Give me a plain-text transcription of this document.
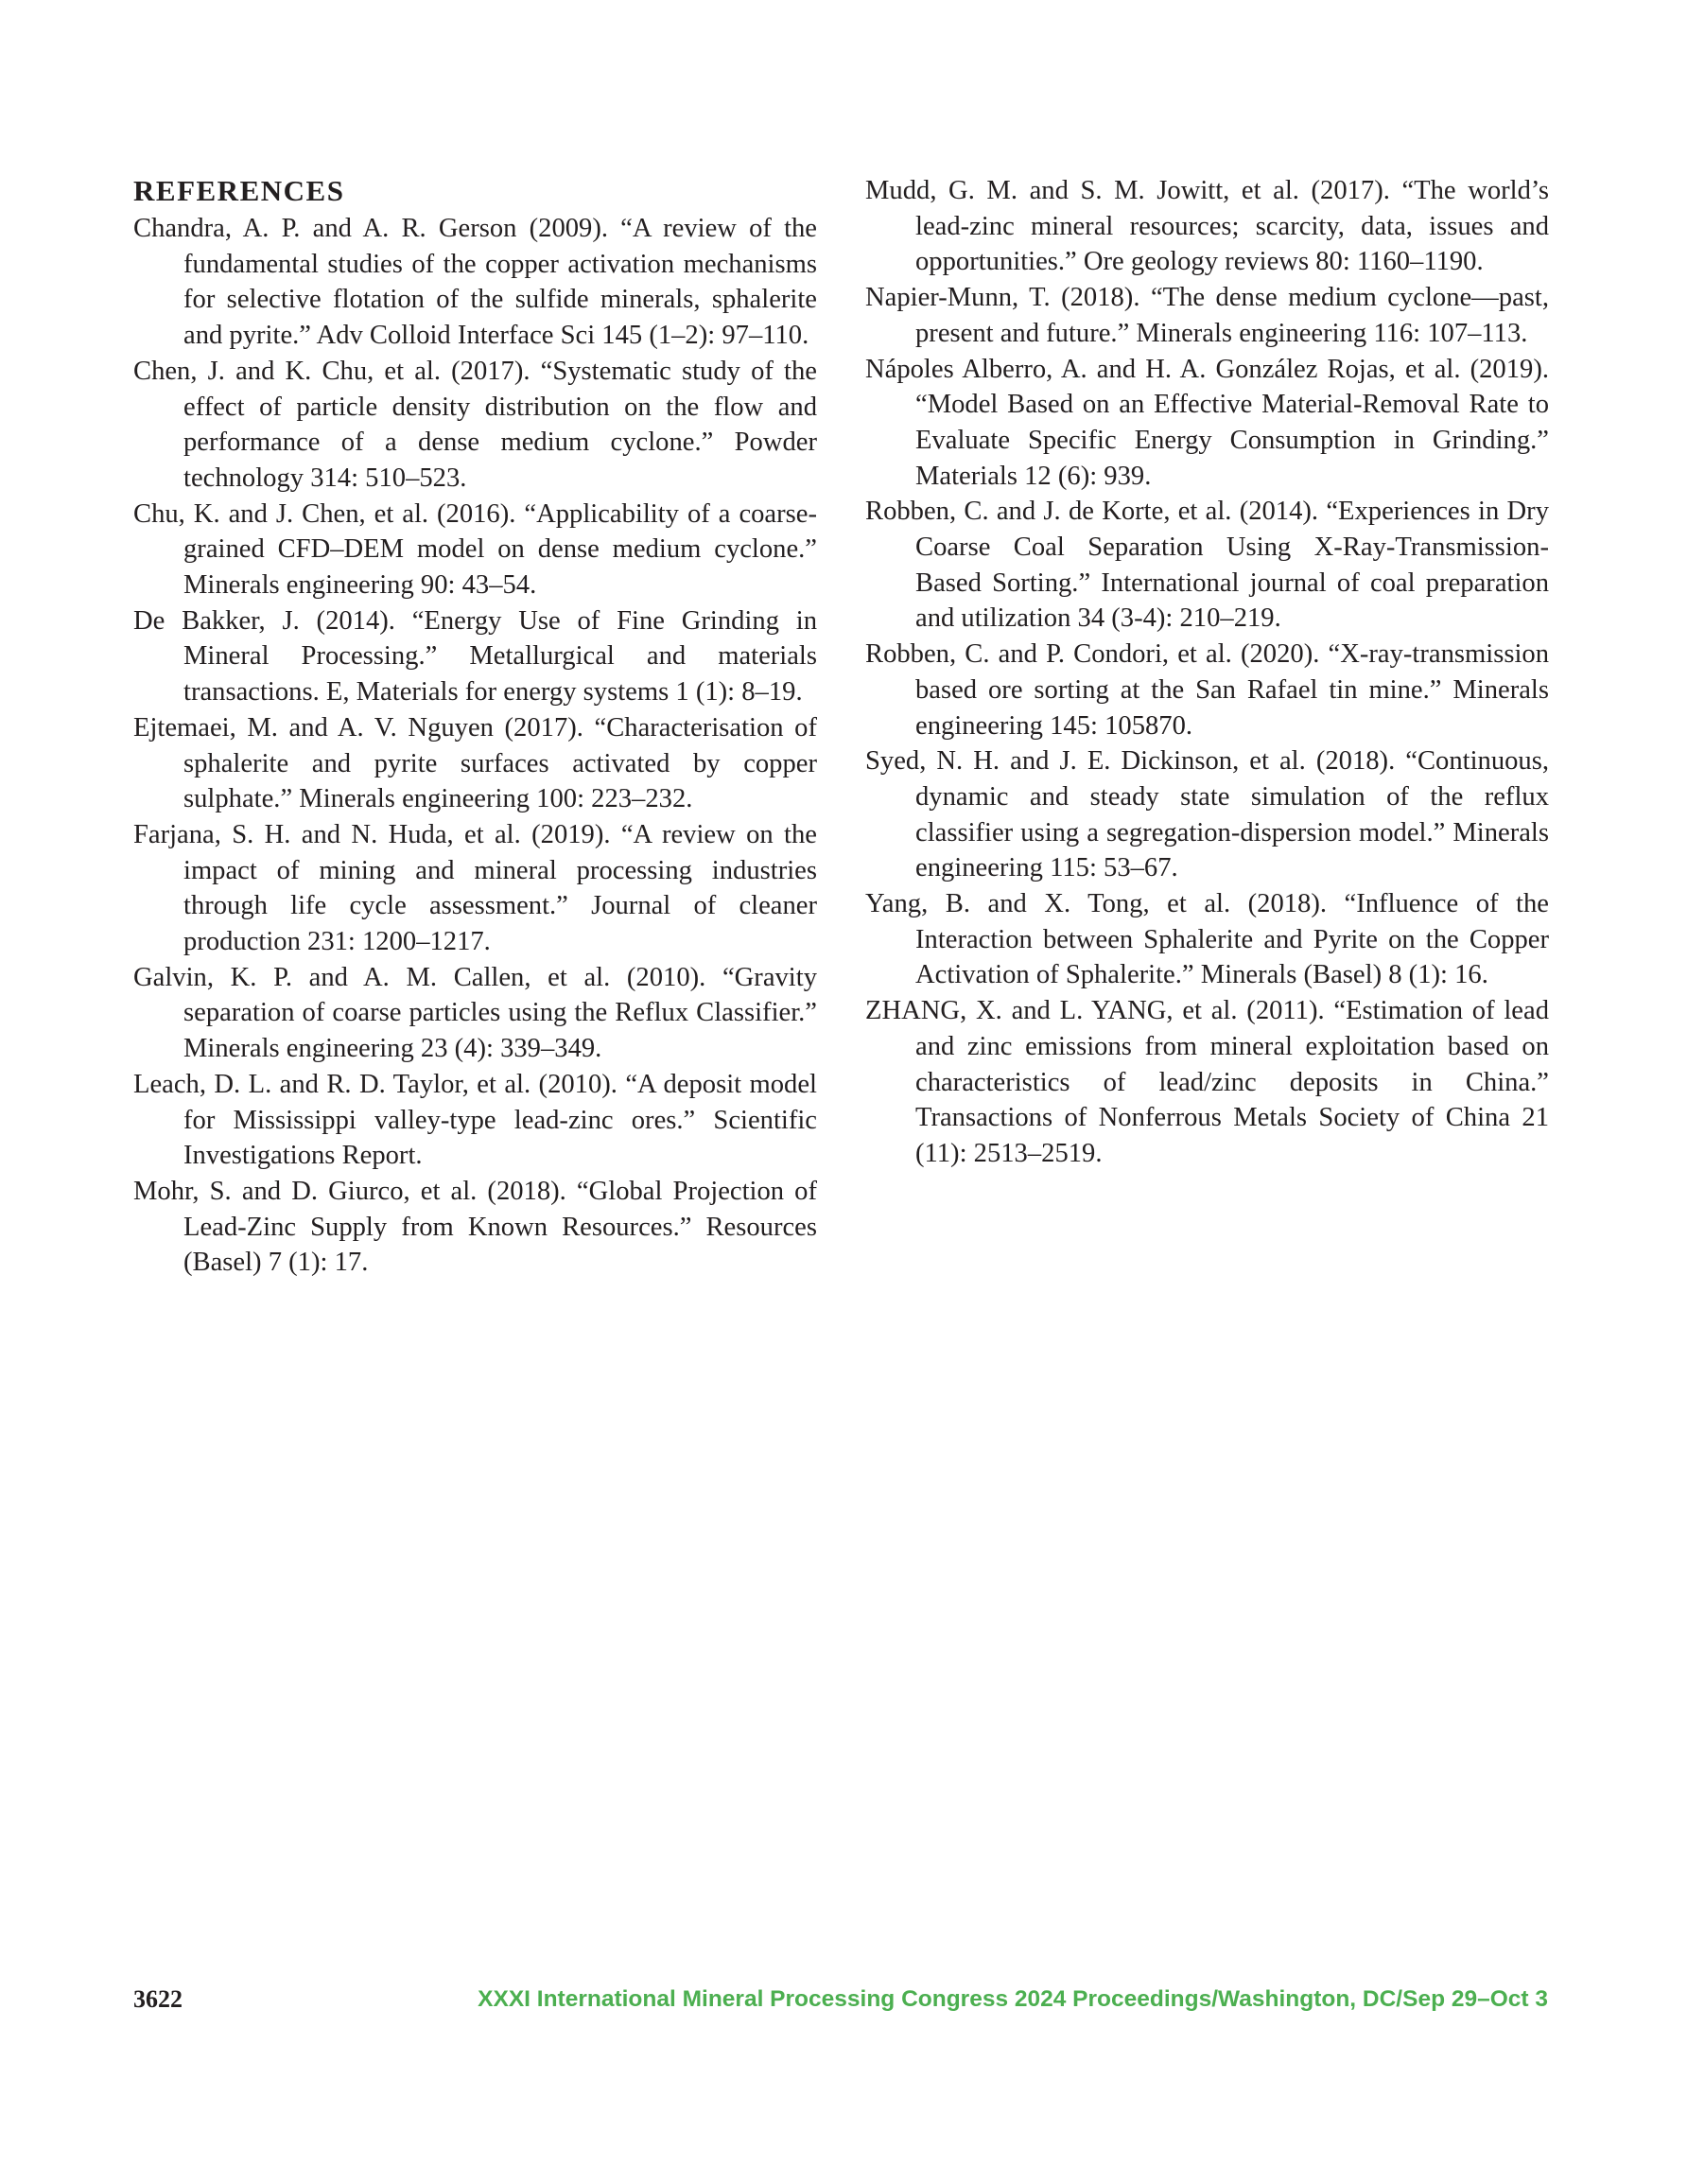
REFERENCES

Chandra, A. P. and A. R. Gerson (2009). “A review of the fundamental studies of the copper activation mechanisms for selective flotation of the sulfide minerals, sphalerite and pyrite.” Adv Colloid Interface Sci 145 (1–2): 97–110.

Chen, J. and K. Chu, et al. (2017). “Systematic study of the effect of particle density distribution on the flow and performance of a dense medium cyclone.” Powder technology 314: 510–523.

Chu, K. and J. Chen, et al. (2016). “Applicability of a coarse-grained CFD–DEM model on dense medium cyclone.” Minerals engineering 90: 43–54.

De Bakker, J. (2014). “Energy Use of Fine Grinding in Mineral Processing.” Metallurgical and materials transactions. E, Materials for energy systems 1 (1): 8–19.

Ejtemaei, M. and A. V. Nguyen (2017). “Characterisation of sphalerite and pyrite surfaces activated by copper sulphate.” Minerals engineering 100: 223–232.

Farjana, S. H. and N. Huda, et al. (2019). “A review on the impact of mining and mineral processing industries through life cycle assessment.” Journal of cleaner production 231: 1200–1217.

Galvin, K. P. and A. M. Callen, et al. (2010). “Gravity separation of coarse particles using the Reflux Classifier.” Minerals engineering 23 (4): 339–349.

Leach, D. L. and R. D. Taylor, et al. (2010). “A deposit model for Mississippi valley-type lead-zinc ores.” Scientific Investigations Report.

Mohr, S. and D. Giurco, et al. (2018). “Global Projection of Lead-Zinc Supply from Known Resources.” Resources (Basel) 7 (1): 17.

Mudd, G. M. and S. M. Jowitt, et al. (2017). “The world’s lead-zinc mineral resources; scarcity, data, issues and opportunities.” Ore geology reviews 80: 1160–1190.

Napier-Munn, T. (2018). “The dense medium cyclone—past, present and future.” Minerals engineering 116: 107–113.

Nápoles Alberro, A. and H. A. González Rojas, et al. (2019). “Model Based on an Effective Material-Removal Rate to Evaluate Specific Energy Consumption in Grinding.” Materials 12 (6): 939.

Robben, C. and J. de Korte, et al. (2014). “Experiences in Dry Coarse Coal Separation Using X-Ray-Transmission-Based Sorting.” International journal of coal preparation and utilization 34 (3-4): 210–219.

Robben, C. and P. Condori, et al. (2020). “X-ray-transmission based ore sorting at the San Rafael tin mine.” Minerals engineering 145: 105870.

Syed, N. H. and J. E. Dickinson, et al. (2018). “Continuous, dynamic and steady state simulation of the reflux classifier using a segregation-dispersion model.” Minerals engineering 115: 53–67.

Yang, B. and X. Tong, et al. (2018). “Influence of the Interaction between Sphalerite and Pyrite on the Copper Activation of Sphalerite.” Minerals (Basel) 8 (1): 16.

ZHANG, X. and L. YANG, et al. (2011). “Estimation of lead and zinc emissions from mineral exploitation based on characteristics of lead/zinc deposits in China.” Transactions of Nonferrous Metals Society of China 21 (11): 2513–2519.

3622	XXXI International Mineral Processing Congress 2024 Proceedings/Washington, DC/Sep 29–Oct 3
